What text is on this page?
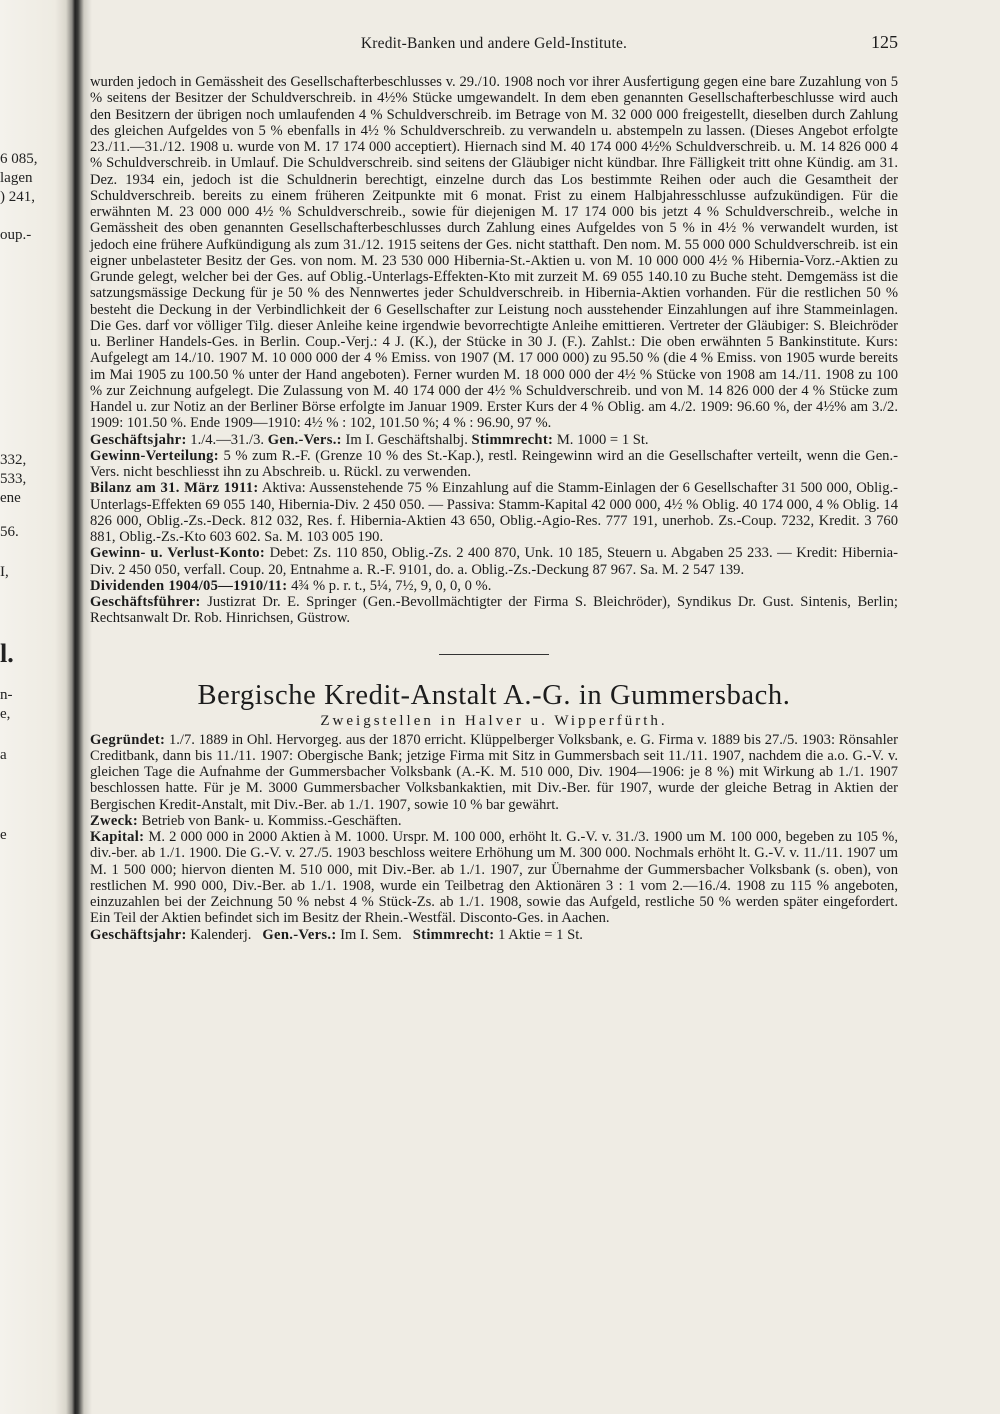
6 085,
lagen
) 241,
oup.-
332,
533,
ene
56.
I,
l.
n-
e,
a
e
Kredit-Banken und andere Geld-Institute.	125

wurden jedoch in Gemässheit des Gesellschafterbeschlusses v. 29./10. 1908 noch vor ihrer Ausfertigung gegen eine bare Zuzahlung von 5 % seitens der Besitzer der Schuldverschreib. in 4½% Stücke umgewandelt. In dem eben genannten Gesellschafterbeschlusse wird auch den Besitzern der übrigen noch umlaufenden 4 % Schuldverschreib. im Betrage von M. 32 000 000 freigestellt, dieselben durch Zahlung des gleichen Aufgeldes von 5 % ebenfalls in 4½ % Schuldverschreib. zu verwandeln u. abstempeln zu lassen. (Dieses Angebot erfolgte 23./11.—31./12. 1908 u. wurde von M. 17 174 000 acceptiert). Hiernach sind M. 40 174 000 4½% Schuldverschreib. u. M. 14 826 000 4 % Schuldverschreib. in Umlauf. Die Schuldverschreib. sind seitens der Gläubiger nicht kündbar. Ihre Fälligkeit tritt ohne Kündig. am 31. Dez. 1934 ein, jedoch ist die Schuldnerin berechtigt, einzelne durch das Los bestimmte Reihen oder auch die Gesamtheit der Schuldverschreib. bereits zu einem früheren Zeitpunkte mit 6 monat. Frist zu einem Halbjahresschlusse aufzukündigen. Für die erwähnten M. 23 000 000 4½ % Schuldverschreib., sowie für diejenigen M. 17 174 000 bis jetzt 4 % Schuldverschreib., welche in Gemässheit des oben genannten Gesellschafterbeschlusses durch Zahlung eines Aufgeldes von 5 % in 4½ % verwandelt wurden, ist jedoch eine frühere Aufkündigung als zum 31./12. 1915 seitens der Ges. nicht statthaft. Den nom. M. 55 000 000 Schuldverschreib. ist ein eigner unbelasteter Besitz der Ges. von nom. M. 23 530 000 Hibernia-St.-Aktien u. von M. 10 000 000 4½ % Hibernia-Vorz.-Aktien zu Grunde gelegt, welcher bei der Ges. auf Oblig.-Unterlags-Effekten-Kto mit zurzeit M. 69 055 140.10 zu Buche steht. Demgemäss ist die satzungsmässige Deckung für je 50 % des Nennwertes jeder Schuldverschreib. in Hibernia-Aktien vorhanden. Für die restlichen 50 % besteht die Deckung in der Verbindlichkeit der 6 Gesellschafter zur Leistung noch ausstehender Einzahlungen auf ihre Stammeinlagen. Die Ges. darf vor völliger Tilg. dieser Anleihe keine irgendwie bevorrechtigte Anleihe emittieren. Vertreter der Gläubiger: S. Bleichröder u. Berliner Handels-Ges. in Berlin. Coup.-Verj.: 4 J. (K.), der Stücke in 30 J. (F.). Zahlst.: Die oben erwähnten 5 Bankinstitute. Kurs: Aufgelegt am 14./10. 1907 M. 10 000 000 der 4 % Emiss. von 1907 (M. 17 000 000) zu 95.50 % (die 4 % Emiss. von 1905 wurde bereits im Mai 1905 zu 100.50 % unter der Hand angeboten). Ferner wurden M. 18 000 000 der 4½ % Stücke von 1908 am 14./11. 1908 zu 100 % zur Zeichnung aufgelegt. Die Zulassung von M. 40 174 000 der 4½ % Schuldverschreib. und von M. 14 826 000 der 4 % Stücke zum Handel u. zur Notiz an der Berliner Börse erfolgte im Januar 1909. Erster Kurs der 4 % Oblig. am 4./2. 1909: 96.60 %, der 4½% am 3./2. 1909: 101.50 %. Ende 1909—1910: 4½ % : 102, 101.50 %; 4 % : 96.90, 97 %.

Geschäftsjahr: 1./4.—31./3. Gen.-Vers.: Im I. Geschäftshalbj. Stimmrecht: M. 1000 = 1 St.

Gewinn-Verteilung: 5 % zum R.-F. (Grenze 10 % des St.-Kap.), restl. Reingewinn wird an die Gesellschafter verteilt, wenn die Gen.-Vers. nicht beschliesst ihn zu Abschreib. u. Rückl. zu verwenden.

Bilanz am 31. März 1911: Aktiva: Aussenstehende 75 % Einzahlung auf die Stamm-Einlagen der 6 Gesellschafter 31 500 000, Oblig.-Unterlags-Effekten 69 055 140, Hibernia-Div. 2 450 050. — Passiva: Stamm-Kapital 42 000 000, 4½ % Oblig. 40 174 000, 4 % Oblig. 14 826 000, Oblig.-Zs.-Deck. 812 032, Res. f. Hibernia-Aktien 43 650, Oblig.-Agio-Res. 777 191, unerhob. Zs.-Coup. 7232, Kredit. 3 760 881, Oblig.-Zs.-Kto 603 602. Sa. M. 103 005 190.

Gewinn- u. Verlust-Konto: Debet: Zs. 110 850, Oblig.-Zs. 2 400 870, Unk. 10 185, Steuern u. Abgaben 25 233. — Kredit: Hibernia-Div. 2 450 050, verfall. Coup. 20, Entnahme a. R.-F. 9101, do. a. Oblig.-Zs.-Deckung 87 967. Sa. M. 2 547 139.

Dividenden 1904/05—1910/11: 4¾ % p. r. t., 5¼, 7½, 9, 0, 0, 0 %.

Geschäftsführer: Justizrat Dr. E. Springer (Gen.-Bevollmächtigter der Firma S. Bleichröder), Syndikus Dr. Gust. Sintenis, Berlin; Rechtsanwalt Dr. Rob. Hinrichsen, Güstrow.

Bergische Kredit-Anstalt A.-G. in Gummersbach.
Zweigstellen in Halver u. Wipperfürth.

Gegründet: 1./7. 1889 in Ohl. Hervorgeg. aus der 1870 erricht. Klüppelberger Volksbank, e. G. Firma v. 1889 bis 27./5. 1903: Rönsahler Creditbank, dann bis 11./11. 1907: Obergische Bank; jetzige Firma mit Sitz in Gummersbach seit 11./11. 1907, nachdem die a.o. G.-V. v. gleichen Tage die Aufnahme der Gummersbacher Volksbank (A.-K. M. 510 000, Div. 1904—1906: je 8 %) mit Wirkung ab 1./1. 1907 beschlossen hatte. Für je M. 3000 Gummersbacher Volksbankaktien, mit Div.-Ber. für 1907, wurde der gleiche Betrag in Aktien der Bergischen Kredit-Anstalt, mit Div.-Ber. ab 1./1. 1907, sowie 10 % bar gewährt.

Zweck: Betrieb von Bank- u. Kommiss.-Geschäften.

Kapital: M. 2 000 000 in 2000 Aktien à M. 1000. Urspr. M. 100 000, erhöht lt. G.-V. v. 31./3. 1900 um M. 100 000, begeben zu 105 %, div.-ber. ab 1./1. 1900. Die G.-V. v. 27./5. 1903 beschloss weitere Erhöhung um M. 300 000. Nochmals erhöht lt. G.-V. v. 11./11. 1907 um M. 1 500 000; hiervon dienten M. 510 000, mit Div.-Ber. ab 1./1. 1907, zur Übernahme der Gummersbacher Volksbank (s. oben), von restlichen M. 990 000, Div.-Ber. ab 1./1. 1908, wurde ein Teilbetrag den Aktionären 3 : 1 vom 2.—16./4. 1908 zu 115 % angeboten, einzuzahlen bei der Zeichnung 50 % nebst 4 % Stück-Zs. ab 1./1. 1908, sowie das Aufgeld, restliche 50 % werden später eingefordert. Ein Teil der Aktien befindet sich im Besitz der Rhein.-Westfäl. Disconto-Ges. in Aachen.

Geschäftsjahr: Kalenderj. Gen.-Vers.: Im I. Sem. Stimmrecht: 1 Aktie = 1 St.
